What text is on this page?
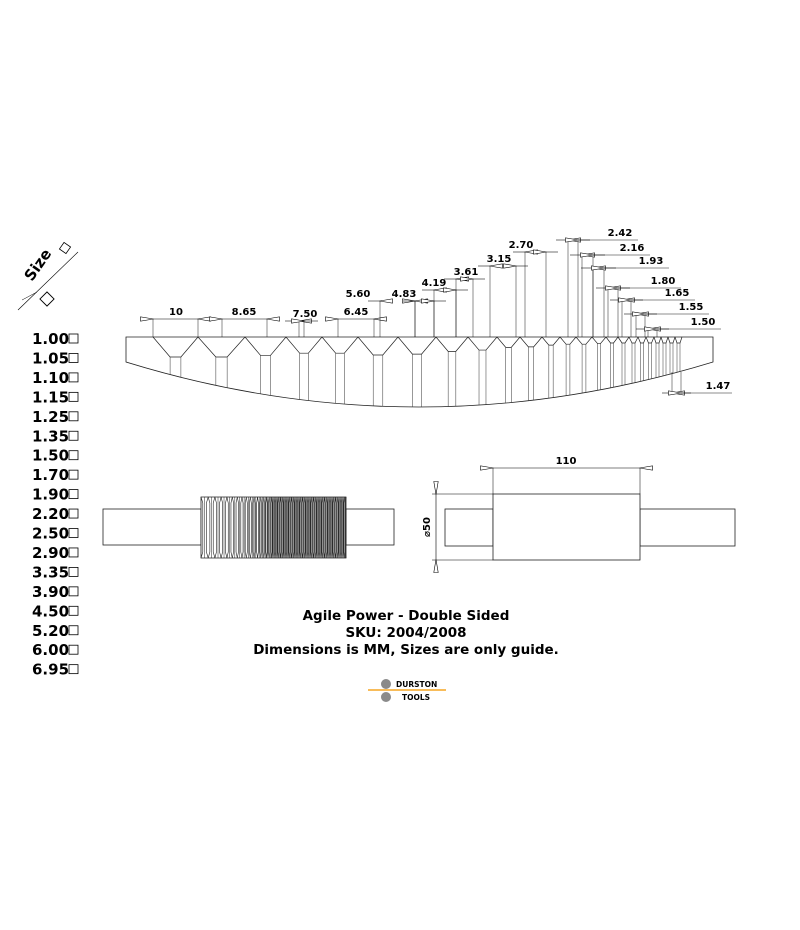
Size
1.00
1.05
1.10
1.15
1.25
1.35
1.50
1.70
1.90
2.20
2.50
2.90
3.35
3.90
4.50
5.20
6.00
6.95
10	8.65	7.50	6.45
5.60 4.83
4.19
3.61
3.15
2.70
2.42
2.16
1.93
1.80
1.65
1.55
1.50
1.47
110
⌀50
Agile Power - Double Sided
SKU: 2004/2008
Dimensions is MM, Sizes are only guide.
DURSTON
TOOLS
